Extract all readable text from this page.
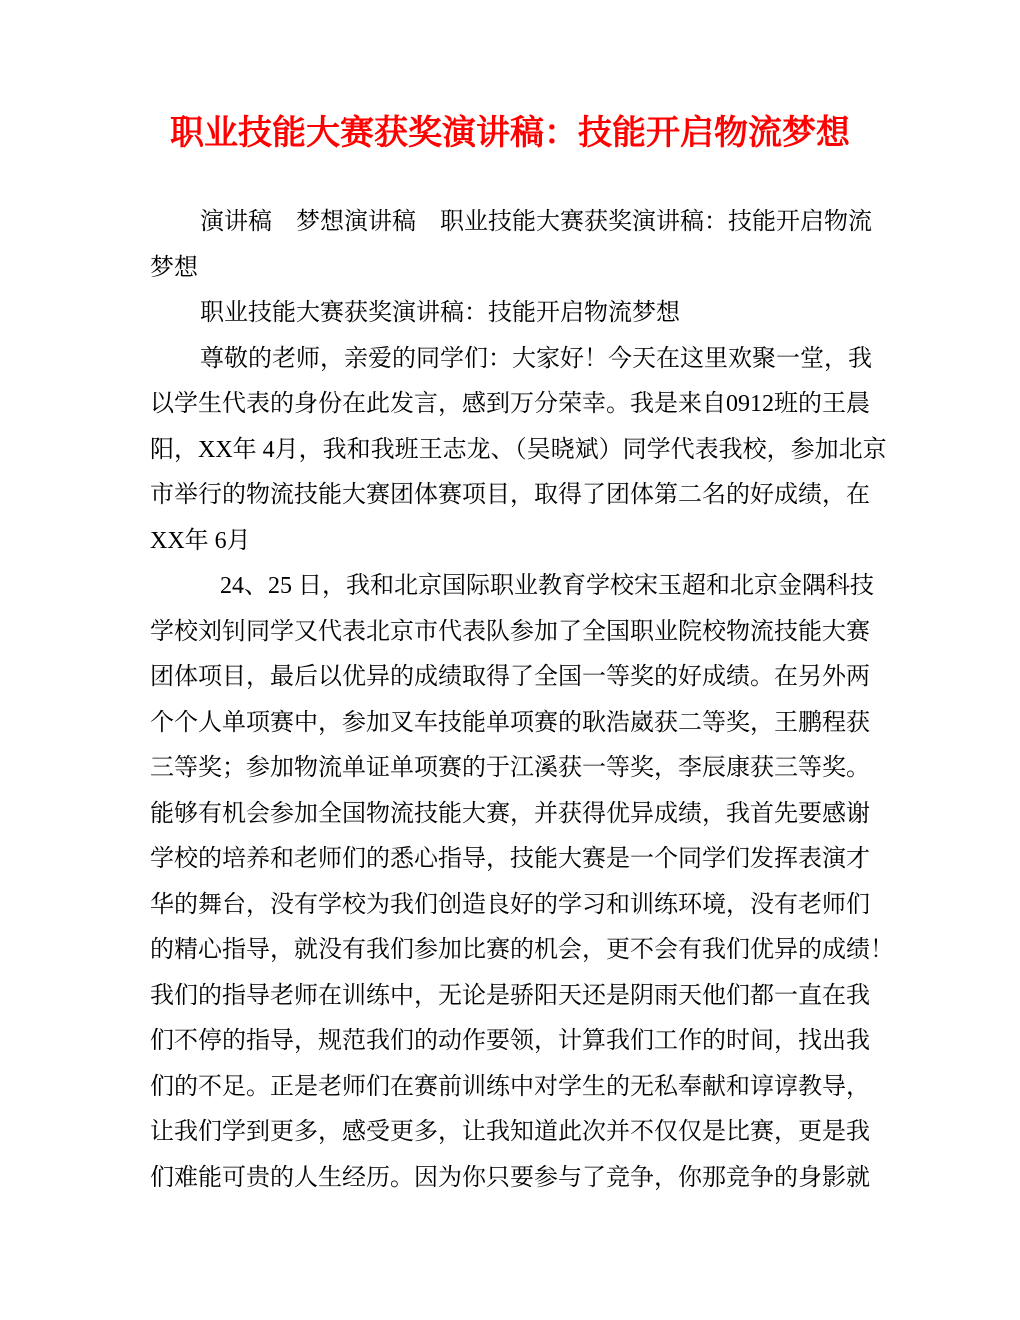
职业技能大赛获奖演讲稿：技能开启物流梦想
演讲稿　梦想演讲稿　职业技能大赛获奖演讲稿：技能开启物流
梦想
职业技能大赛获奖演讲稿：技能开启物流梦想
尊敬的老师，亲爱的同学们：大家好！今天在这里欢聚一堂，我
以学生代表的身份在此发言，感到万分荣幸。我是来自0912班的王晨
阳，XX年 4月，我和我班王志龙、（吴晓斌）同学代表我校，参加北京
市举行的物流技能大赛团体赛项目，取得了团体第二名的好成绩，在
XX年 6月
24、25 日，我和北京国际职业教育学校宋玉超和北京金隅科技
学校刘钊同学又代表北京市代表队参加了全国职业院校物流技能大赛
团体项目，最后以优异的成绩取得了全国一等奖的好成绩。在另外两
个个人单项赛中，参加叉车技能单项赛的耿浩崴获二等奖，王鹏程获
三等奖；参加物流单证单项赛的于江溪获一等奖，李辰康获三等奖。
能够有机会参加全国物流技能大赛，并获得优异成绩，我首先要感谢
学校的培养和老师们的悉心指导，技能大赛是一个同学们发挥表演才
华的舞台，没有学校为我们创造良好的学习和训练环境，没有老师们
的精心指导，就没有我们参加比赛的机会，更不会有我们优异的成绩！
我们的指导老师在训练中，无论是骄阳天还是阴雨天他们都一直在我
们不停的指导，规范我们的动作要领，计算我们工作的时间，找出我
们的不足。正是老师们在赛前训练中对学生的无私奉献和谆谆教导，
让我们学到更多，感受更多，让我知道此次并不仅仅是比赛，更是我
们难能可贵的人生经历。因为你只要参与了竞争，你那竞争的身影就
